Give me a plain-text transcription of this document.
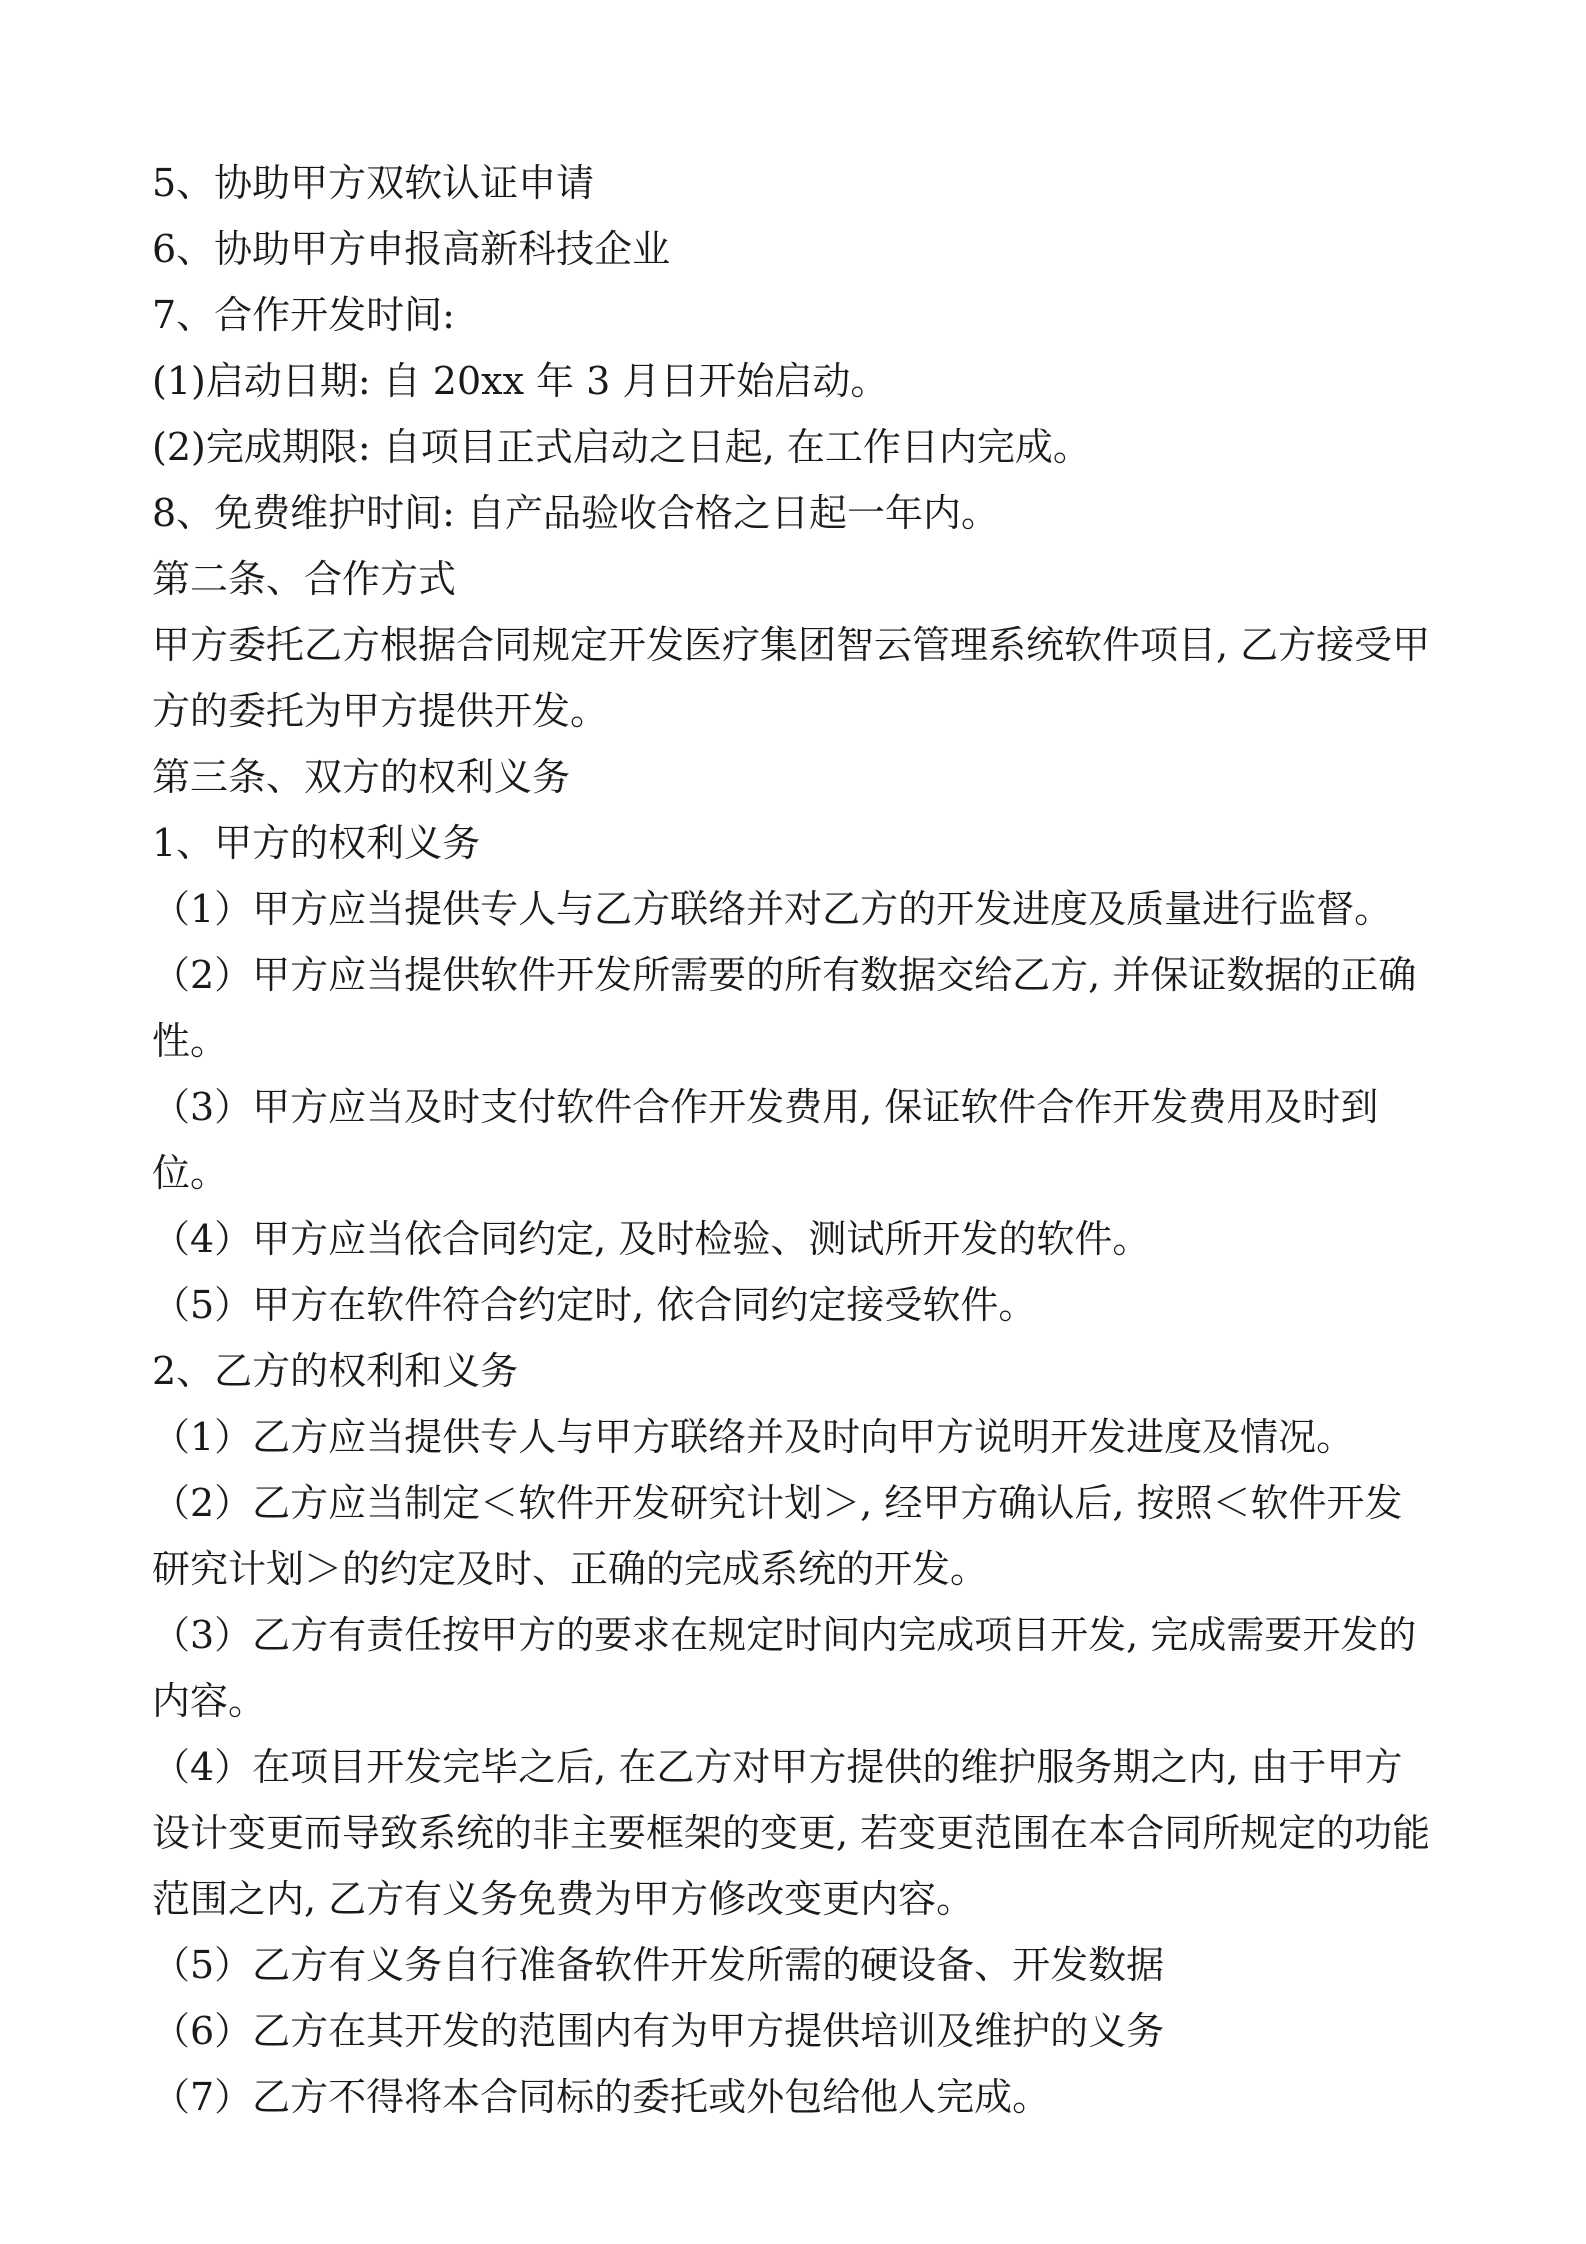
5、协助甲方双软认证申请
6、协助甲方申报高新科技企业
7、合作开发时间:
(1)启动日期: 自 20xx 年 3 月日开始启动。
(2)完成期限: 自项目正式启动之日起, 在工作日内完成。
8、免费维护时间: 自产品验收合格之日起一年内。
第二条、合作方式
甲方委托乙方根据合同规定开发医疗集团智云管理系统软件项目, 乙方接受甲
方的委托为甲方提供开发。
第三条、双方的权利义务
1、甲方的权利义务
（1）甲方应当提供专人与乙方联络并对乙方的开发进度及质量进行监督。
（2）甲方应当提供软件开发所需要的所有数据交给乙方, 并保证数据的正确
性。
（3）甲方应当及时支付软件合作开发费用, 保证软件合作开发费用及时到
位。
（4）甲方应当依合同约定, 及时检验、测试所开发的软件。
（5）甲方在软件符合约定时, 依合同约定接受软件。
2、乙方的权利和义务
（1）乙方应当提供专人与甲方联络并及时向甲方说明开发进度及情况。
（2）乙方应当制定＜软件开发研究计划＞, 经甲方确认后, 按照＜软件开发
研究计划＞的约定及时、正确的完成系统的开发。
（3）乙方有责任按甲方的要求在规定时间内完成项目开发, 完成需要开发的
内容。
（4）在项目开发完毕之后, 在乙方对甲方提供的维护服务期之内, 由于甲方
设计变更而导致系统的非主要框架的变更, 若变更范围在本合同所规定的功能
范围之内, 乙方有义务免费为甲方修改变更内容。
（5）乙方有义务自行准备软件开发所需的硬设备、开发数据
（6）乙方在其开发的范围内有为甲方提供培训及维护的义务
（7）乙方不得将本合同标的委托或外包给他人完成。
